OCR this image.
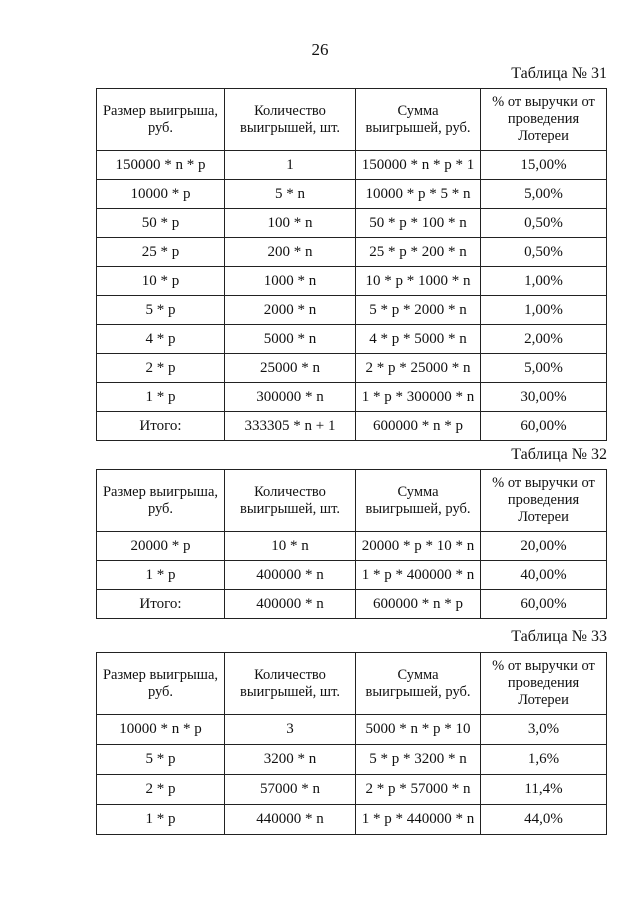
26
Таблица № 31
Размер выигрыша, руб.	Количество выигрышей, шт.	Сумма выигрышей, руб.	% от выручки от проведения Лотереи
150000 * n * p	1	150000 * n * p * 1	15,00%
10000 * p	5 * n	10000 * p * 5 * n	5,00%
50 * p	100 * n	50 * p * 100 * n	0,50%
25 * p	200 * n	25 * p * 200 * n	0,50%
10 * p	1000 * n	10 * p * 1000 * n	1,00%
5 * p	2000 * n	5 * p * 2000 * n	1,00%
4 * p	5000 * n	4 * p * 5000 * n	2,00%
2 * p	25000 * n	2 * p * 25000 * n	5,00%
1 * p	300000 * n	1 * p * 300000 * n	30,00%
Итого:	333305 * n + 1	600000 * n * p	60,00%
Таблица № 32
Размер выигрыша, руб.	Количество выигрышей, шт.	Сумма выигрышей, руб.	% от выручки от проведения Лотереи
20000 * p	10 * n	20000 * p * 10 * n	20,00%
1 * p	400000 * n	1 * p * 400000 * n	40,00%
Итого:	400000 * n	600000 * n * p	60,00%
Таблица № 33
Размер выигрыша, руб.	Количество выигрышей, шт.	Сумма выигрышей, руб.	% от выручки от проведения Лотереи
10000 * n * p	3	5000 * n * p * 10	3,0%
5 * p	3200 * n	5 * p * 3200 * n	1,6%
2 * p	57000 * n	2 * p * 57000 * n	11,4%
1 * p	440000 * n	1 * p * 440000 * n	44,0%
